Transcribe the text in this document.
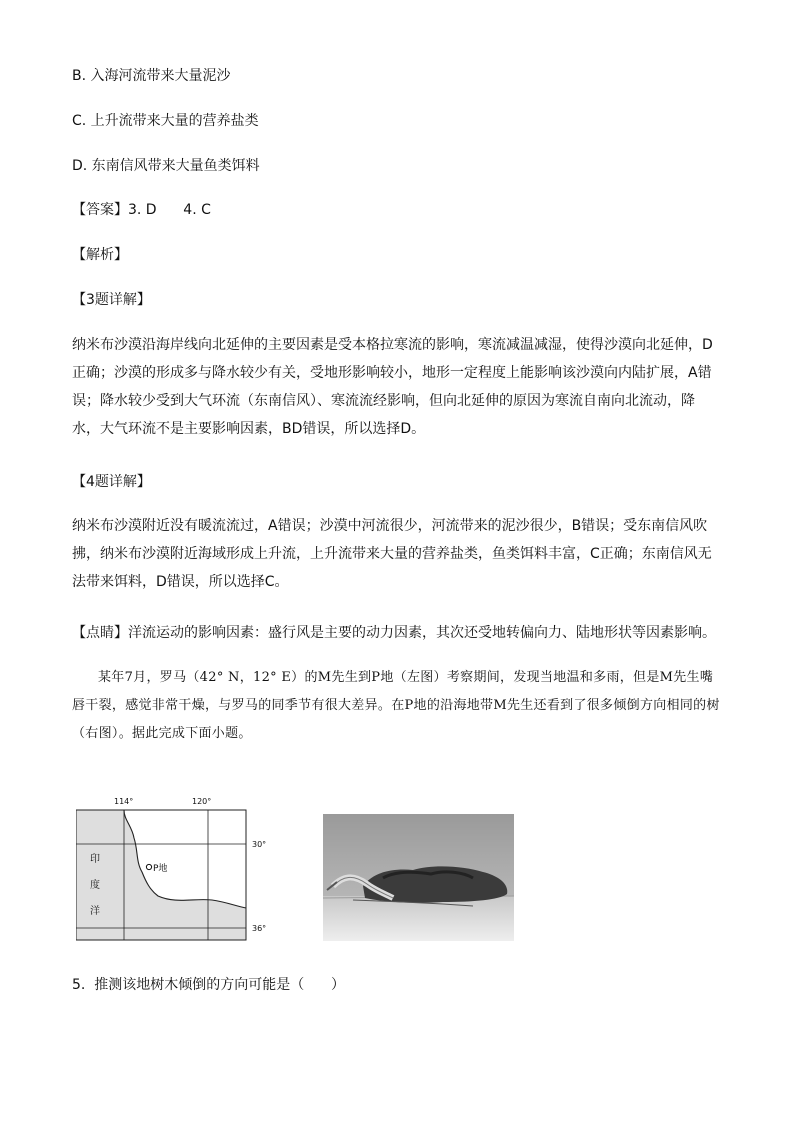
B. 入海河流带来大量泥沙
C. 上升流带来大量的营养盐类
D. 东南信风带来大量鱼类饵料
【答案】3. D      4. C
【解析】
【3题详解】
纳米布沙漠沿海岸线向北延伸的主要因素是受本格拉寒流的影响，寒流减温减湿，使得沙漠向北延伸，D正确；沙漠的形成多与降水较少有关，受地形影响较小，地形一定程度上能影响该沙漠向内陆扩展，A错误；降水较少受到大气环流（东南信风）、寒流流经影响，但向北延伸的原因为寒流自南向北流动，降水，大气环流不是主要影响因素，BD错误，所以选择D。
【4题详解】
纳米布沙漠附近没有暖流流过，A错误；沙漠中河流很少，河流带来的泥沙很少，B错误；受东南信风吹拂，纳米布沙漠附近海域形成上升流，上升流带来大量的营养盐类，鱼类饵料丰富，C正确；东南信风无法带来饵料，D错误，所以选择C。
【点睛】洋流运动的影响因素：盛行风是主要的动力因素，其次还受地转偏向力、陆地形状等因素影响。
某年7月，罗马（42° N，12° E）的M先生到P地（左图）考察期间，发现当地温和多雨，但是M先生嘴唇干裂，感觉非常干燥，与罗马的同季节有很大差异。在P地的沿海地带M先生还看到了很多倾倒方向相同的树（右图）。据此完成下面小题。
P地
114°	120°
30°
36°
印
度
洋
5.  推测该地树木倾倒的方向可能是（      ）
